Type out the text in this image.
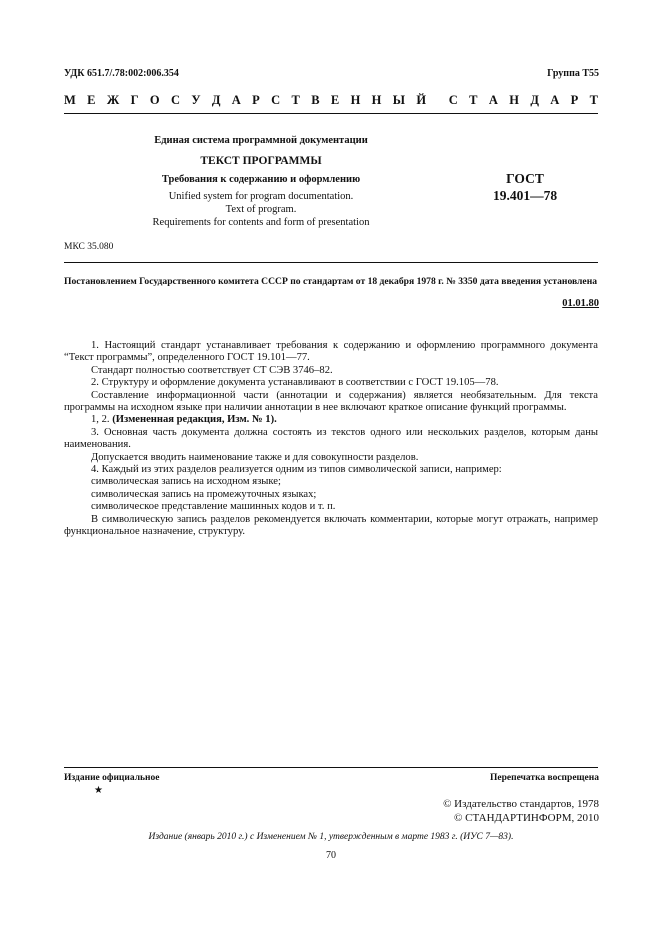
УДК 651.7/.78:002:006.354	Группа Т55
М Е Ж Г О С У Д А Р С Т В Е Н Н Ы Й С Т А Н Д А Р Т
Единая система программной документации
ТЕКСТ ПРОГРАММЫ
Требования к содержанию и оформлению
Unified system for program documentation.
Text of program.
Requirements for contents and form of presentation
ГОСТ
19.401—78
МКС 35.080
Постановлением Государственного комитета СССР по стандартам от 18 декабря 1978 г. № 3350 дата введения установлена
01.01.80

1. Настоящий стандарт устанавливает требования к содержанию и оформлению программного документа “Текст программы”, определенного ГОСТ 19.101—77.

Стандарт полностью соответствует СТ СЭВ 3746–82.

2. Структуру и оформление документа устанавливают в соответствии с ГОСТ 19.105—78.

Составление информационной части (аннотации и содержания) является необязательным. Для текста программы на исходном языке при наличии аннотации в нее включают краткое описание функций программы.

1, 2. (Измененная редакция, Изм. № 1).

3. Основная часть документа должна состоять из текстов одного или нескольких разделов, которым даны наименования.

Допускается вводить наименование также и для совокупности разделов.

4. Каждый из этих разделов реализуется одним из типов символической записи, например:

символическая запись на исходном языке;

символическая запись на промежуточных языках;

символическое представление машинных кодов и т. п.

В символическую запись разделов рекомендуется включать комментарии, которые могут отражать, например функциональное назначение, структуру.

Издание официальное
★
Перепечатка воспрещена
© Издательство стандартов, 1978
© СТАНДАРТИНФОРМ, 2010
Издание (январь 2010 г.) с Изменением № 1, утвержденным в марте 1983 г. (ИУС 7—83).
70
